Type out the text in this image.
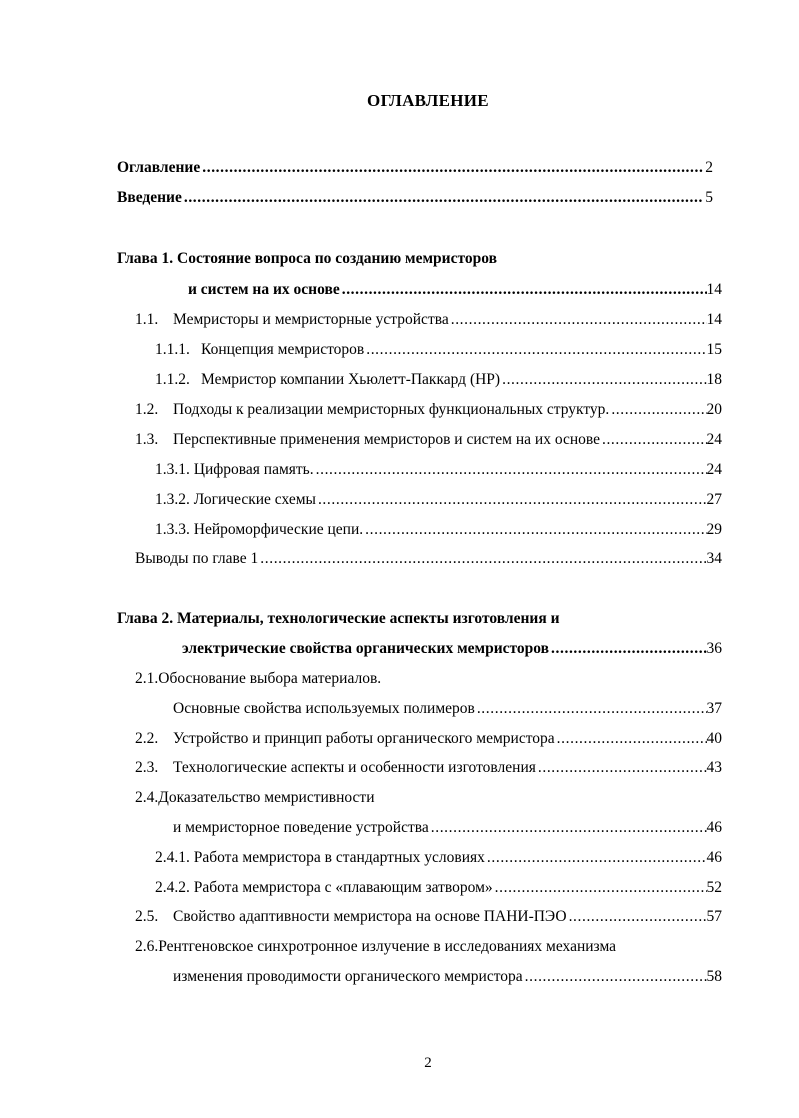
ОГЛАВЛЕНИЕ
Оглавление .....	2
Введение .....	5
Глава 1. Состояние вопроса по созданию мемристоров
и систем на их основе .....	14
1.1. Мемристоры и мемристорные устройства .....	14
1.1.1. Концепция мемристоров .....	15
1.1.2. Мемристор компании Хьюлетт-Паккард (HP) .....	18
1.2. Подходы к реализации мемристорных функциональных структур. .....	20
1.3. Перспективные применения мемристоров и систем на их основе .....	24
1.3.1. Цифровая память. .....	24
1.3.2. Логические схемы .....	27
1.3.3. Нейроморфические цепи. .....	29
Выводы по главе 1 .....	34
Глава 2. Материалы, технологические аспекты изготовления и
электрические свойства органических мемристоров .....	36
2.1.Обоснование выбора материалов.
Основные свойства используемых полимеров .....	37
2.2. Устройство и принцип работы органического мемристора .....	40
2.3. Технологические аспекты и особенности изготовления .....	43
2.4.Доказательство мемристивности
и мемристорное поведение устройства .....	46
2.4.1. Работа мемристора в стандартных условиях .....	46
2.4.2. Работа мемристора с «плавающим затвором» .....	52
2.5. Свойство адаптивности мемристора на основе ПАНИ-ПЭО .....	57
2.6.Рентгеновское синхротронное излучение в исследованиях механизма
изменения проводимости органического мемристора .....	58
2
